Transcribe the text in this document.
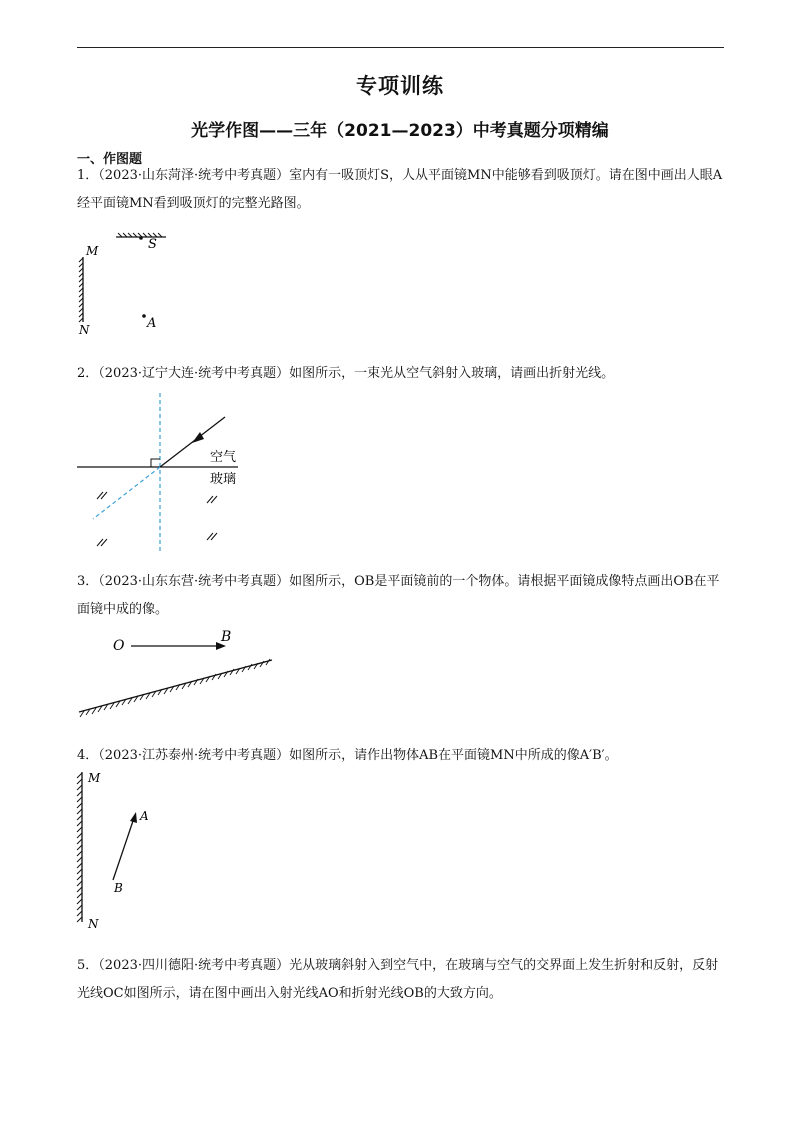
专项训练
光学作图——三年（2021—2023）中考真题分项精编
一、作图题
1．（2023·山东菏泽·统考中考真题）室内有一吸顶灯S，人从平面镜MN中能够看到吸顶灯。请在图中画出人眼A经平面镜MN看到吸顶灯的完整光路图。
S
M
N	A
2．（2023·辽宁大连·统考中考真题）如图所示，一束光从空气斜射入玻璃，请画出折射光线。
空气
玻璃
3．（2023·山东东营·统考中考真题）如图所示，OB是平面镜前的一个物体。请根据平面镜成像特点画出OB在平面镜中成的像。
O
B
4．（2023·江苏泰州·统考中考真题）如图所示，请作出物体AB在平面镜MN中所成的像A′B′。
M
N
A
B
5．（2023·四川德阳·统考中考真题）光从玻璃斜射入到空气中，在玻璃与空气的交界面上发生折射和反射，反射光线OC如图所示，请在图中画出入射光线AO和折射光线OB的大致方向。
